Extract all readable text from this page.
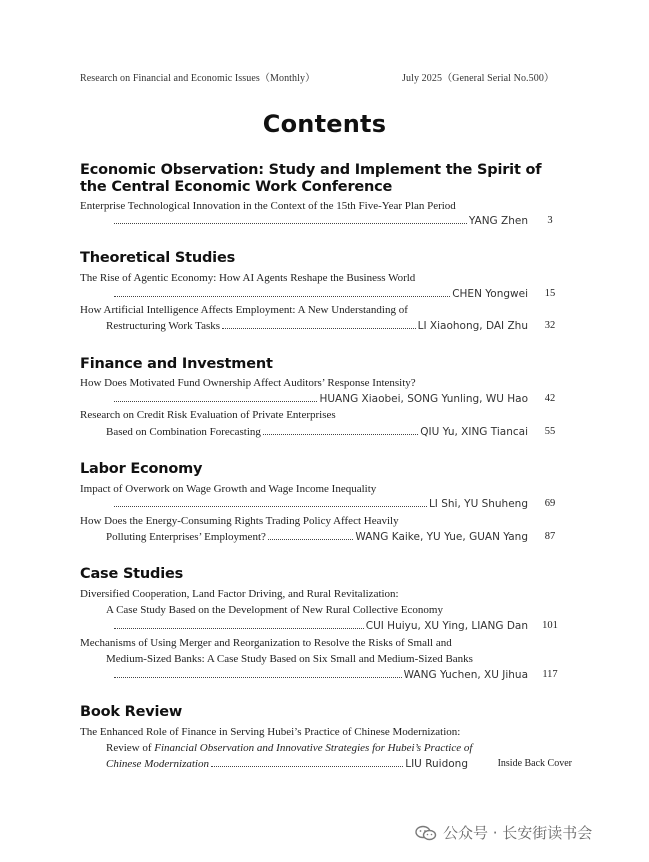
Research on Financial and Economic Issues（Monthly）	July 2025（General Serial No.500）
Contents
Economic Observation: Study and Implement the Spirit of
the Central Economic Work Conference
Enterprise Technological Innovation in the Context of the 15th Five-Year Plan Period
YANG Zhen	3
Theoretical Studies
The Rise of Agentic Economy: How AI Agents Reshape the Business World
CHEN Yongwei	15
How Artificial Intelligence Affects Employment: A New Understanding of
Restructuring Work Tasks	LI Xiaohong, DAI Zhu	32
Finance and Investment
How Does Motivated Fund Ownership Affect Auditors’ Response Intensity?
HUANG Xiaobei, SONG Yunling, WU Hao	42
Research on Credit Risk Evaluation of Private Enterprises
Based on Combination Forecasting	QIU Yu, XING Tiancai	55
Labor Economy
Impact of Overwork on Wage Growth and Wage Income Inequality
LI Shi, YU Shuheng	69
How Does the Energy-Consuming Rights Trading Policy Affect Heavily
Polluting Enterprises’ Employment?	WANG Kaike, YU Yue, GUAN Yang	87
Case Studies
Diversified Cooperation, Land Factor Driving, and Rural Revitalization:
A Case Study Based on the Development of New Rural Collective Economy
CUI Huiyu, XU Ying, LIANG Dan	101
Mechanisms of Using Merger and Reorganization to Resolve the Risks of Small and
Medium-Sized Banks: A Case Study Based on Six Small and Medium-Sized Banks
WANG Yuchen, XU Jihua	117
Book Review
The Enhanced Role of Finance in Serving Hubei’s Practice of Chinese Modernization:
Review of Financial Observation and Innovative Strategies for Hubei’s Practice of
Chinese Modernization	LIU Ruidong	Inside Back Cover
公众号 · 长安街读书会
